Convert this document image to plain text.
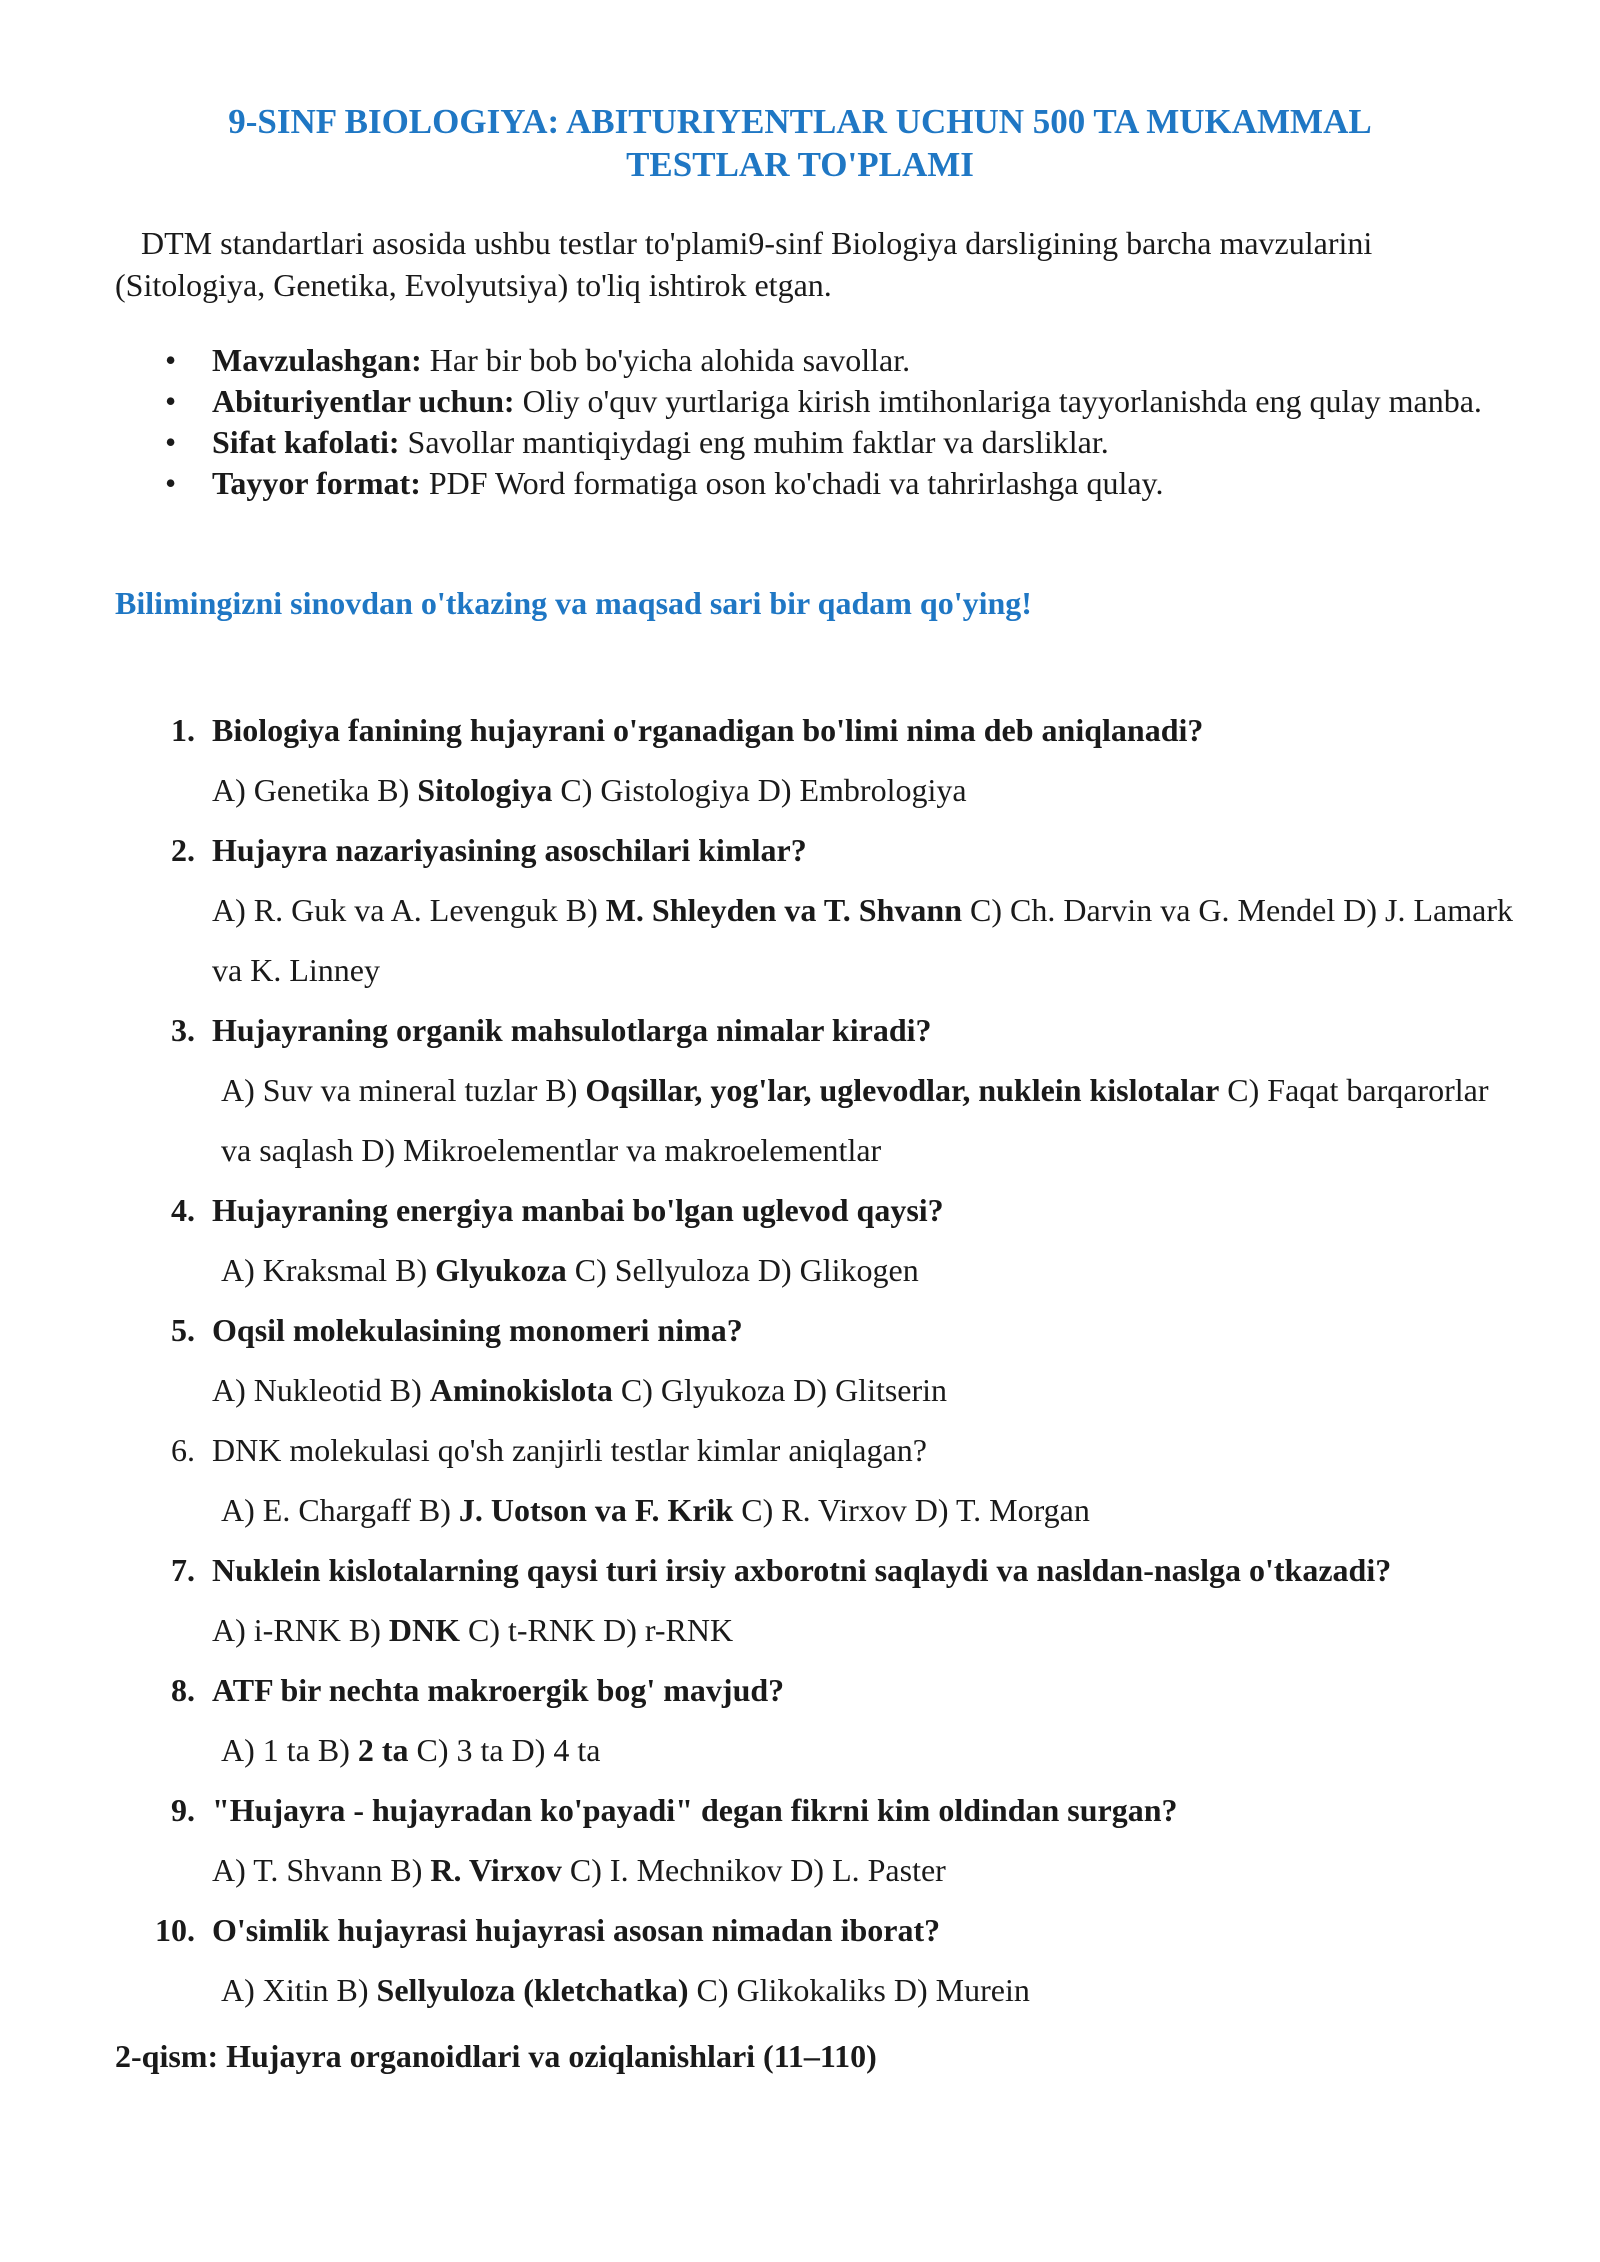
9-SINF BIOLOGIYA: ABITURIYENTLAR UCHUN 500 TA MUKAMMAL
TESTLAR TO'PLAMI
DTM standartlari asosida ushbu testlar to'plami9-sinf Biologiya darsligining barcha mavzularini (Sitologiya, Genetika, Evolyutsiya) to'liq ishtirok etgan.
• Mavzulashgan: Har bir bob bo'yicha alohida savollar.
• Abituriyentlar uchun: Oliy o'quv yurtlariga kirish imtihonlariga tayyorlanishda eng qulay manba.
• Sifat kafolati: Savollar mantiqiydagi eng muhim faktlar va darsliklar.
• Tayyor format: PDF Word formatiga oson ko'chadi va tahrirlashga qulay.
Bilimingizni sinovdan o'tkazing va maqsad sari bir qadam qo'ying!
1. Biologiya fanining hujayrani o'rganadigan bo'limi nima deb aniqlanadi?
A) Genetika B) Sitologiya C) Gistologiya D) Embrologiya
2. Hujayra nazariyasining asoschilari kimlar?
A) R. Guk va A. Levenguk B) M. Shleyden va T. Shvann C) Ch. Darvin va G. Mendel D) J. Lamark va K. Linney
3. Hujayraning organik mahsulotlarga nimalar kiradi?
A) Suv va mineral tuzlar B) Oqsillar, yog'lar, uglevodlar, nuklein kislotalar C) Faqat barqarorlar va saqlash D) Mikroelementlar va makroelementlar
4. Hujayraning energiya manbai bo'lgan uglevod qaysi?
A) Kraksmal B) Glyukoza C) Sellyuloza D) Glikogen
5. Oqsil molekulasining monomeri nima?
A) Nukleotid B) Aminokislota C) Glyukoza D) Glitserin
6. DNK molekulasi qo'sh zanjirli testlar kimlar aniqlagan?
A) E. Chargaff B) J. Uotson va F. Krik C) R. Virxov D) T. Morgan
7. Nuklein kislotalarning qaysi turi irsiy axborotni saqlaydi va nasldan-naslga o'tkazadi?
A) i-RNK B) DNK C) t-RNK D) r-RNK
8. ATF bir nechta makroergik bog' mavjud?
A) 1 ta B) 2 ta C) 3 ta D) 4 ta
9. "Hujayra - hujayradan ko'payadi" degan fikrni kim oldindan surgan?
A) T. Shvann B) R. Virxov C) I. Mechnikov D) L. Paster
10. O'simlik hujayrasi hujayrasi asosan nimadan iborat?
A) Xitin B) Sellyuloza (kletchatka) C) Glikokaliks D) Murein
2-qism: Hujayra organoidlari va oziqlanishlari (11–110)
